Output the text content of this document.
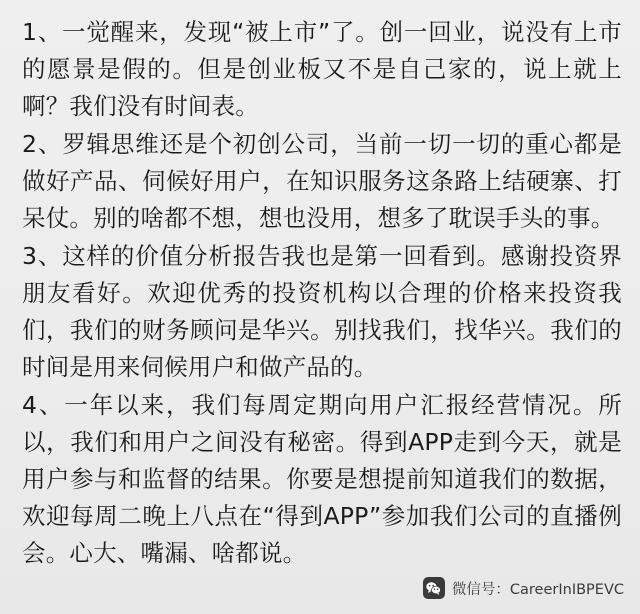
1、一觉醒来，发现“被上市”了。创一回业，说没有上市的愿景是假的。但是创业板又不是自己家的，说上就上啊？我们没有时间表。

2、罗辑思维还是个初创公司，当前一切一切的重心都是做好产品、伺候好用户，在知识服务这条路上结硬寨、打呆仗。别的啥都不想，想也没用，想多了耽误手头的事。

3、这样的价值分析报告我也是第一回看到。感谢投资界朋友看好。欢迎优秀的投资机构以合理的价格来投资我们，我们的财务顾问是华兴。别找我们，找华兴。我们的时间是用来伺候用户和做产品的。

4、一年以来，我们每周定期向用户汇报经营情况。所以，我们和用户之间没有秘密。得到APP走到今天，就是用户参与和监督的结果。你要是想提前知道我们的数据，欢迎每周二晚上八点在“得到APP”参加我们公司的直播例会。心大、嘴漏、啥都说。

微信号：CareerInIBPEVC
